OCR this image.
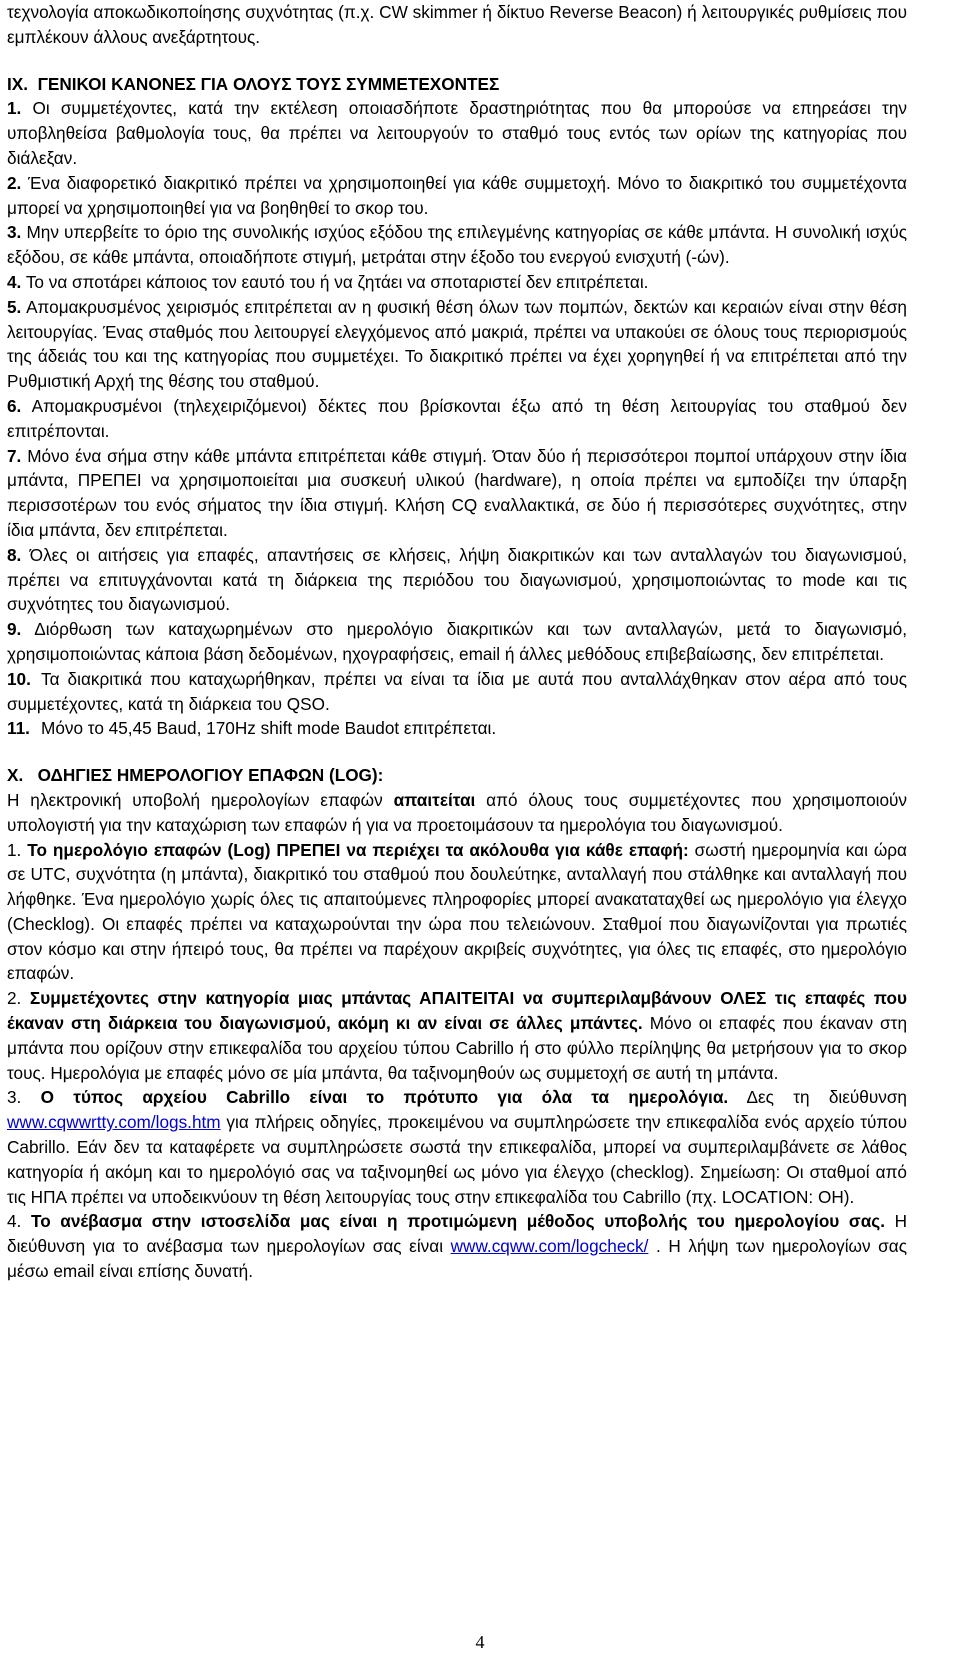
τεχνολογία αποκωδικοποίησης συχνότητας (π.χ. CW skimmer ή δίκτυο Reverse Beacon) ή λειτουργικές ρυθμίσεις που εμπλέκουν άλλους ανεξάρτητους.

IX.  ΓΕΝΙΚΟΙ ΚΑΝΟΝΕΣ ΓΙΑ ΟΛΟΥΣ ΤΟΥΣ ΣΥΜΜΕΤΕΧΟΝΤΕΣ

1. Οι συμμετέχοντες, κατά την εκτέλεση οποιασδήποτε δραστηριότητας που θα μπορούσε να επηρεάσει την υποβληθείσα βαθμολογία τους, θα πρέπει να λειτουργούν το σταθμό τους εντός των ορίων της κατηγορίας που διάλεξαν.

2. Ένα διαφορετικό διακριτικό πρέπει να χρησιμοποιηθεί για κάθε συμμετοχή. Μόνο το διακριτικό του συμμετέχοντα μπορεί να χρησιμοποιηθεί για να βοηθηθεί το σκορ του.

3. Μην υπερβείτε το όριο της συνολικής ισχύος εξόδου της επιλεγμένης κατηγορίας σε κάθε μπάντα. Η συνολική ισχύς εξόδου, σε κάθε μπάντα, οποιαδήποτε στιγμή, μετράται στην έξοδο του ενεργού ενισχυτή (-ών).

4. Το να σποτάρει κάποιος τον εαυτό του ή να ζητάει να σποταριστεί δεν επιτρέπεται.

5. Απομακρυσμένος χειρισμός επιτρέπεται αν η φυσική θέση όλων των πομπών, δεκτών και κεραιών είναι στην θέση λειτουργίας. Ένας σταθμός που λειτουργεί ελεγχόμενος από μακριά, πρέπει να υπακούει σε όλους τους περιορισμούς της άδειάς του και της κατηγορίας που συμμετέχει. Το διακριτικό πρέπει να έχει χορηγηθεί ή να επιτρέπεται από την Ρυθμιστική Αρχή της θέσης του σταθμού.

6. Απομακρυσμένοι (τηλεχειριζόμενοι) δέκτες που βρίσκονται έξω από τη θέση λειτουργίας του σταθμού δεν επιτρέπονται.

7. Μόνο ένα σήμα στην κάθε μπάντα επιτρέπεται κάθε στιγμή. Όταν δύο ή περισσότεροι πομποί υπάρχουν στην ίδια μπάντα, ΠΡΕΠΕΙ να χρησιμοποιείται μια συσκευή υλικού (hardware), η οποία πρέπει να εμποδίζει την ύπαρξη περισσοτέρων του ενός σήματος την ίδια στιγμή. Κλήση CQ εναλλακτικά, σε δύο ή περισσότερες συχνότητες, στην ίδια μπάντα, δεν επιτρέπεται.

8. Όλες οι αιτήσεις για επαφές, απαντήσεις σε κλήσεις, λήψη διακριτικών και των ανταλλαγών του διαγωνισμού, πρέπει να επιτυγχάνονται κατά τη διάρκεια της περιόδου του διαγωνισμού, χρησιμοποιώντας το mode και τις συχνότητες του διαγωνισμού.

9. Διόρθωση των καταχωρημένων στο ημερολόγιο διακριτικών και των ανταλλαγών, μετά το διαγωνισμό, χρησιμοποιώντας κάποια βάση δεδομένων, ηχογραφήσεις, email ή άλλες μεθόδους επιβεβαίωσης, δεν επιτρέπεται.

10. Τα διακριτικά που καταχωρήθηκαν, πρέπει να είναι τα ίδια με αυτά που ανταλλάχθηκαν στον αέρα από τους συμμετέχοντες, κατά τη διάρκεια του QSO.

11. Μόνο το 45,45 Baud, 170Hz shift mode Baudot επιτρέπεται.

X.   ΟΔΗΓΙΕΣ ΗΜΕΡΟΛΟΓΙΟΥ ΕΠΑΦΩΝ (LOG):

Η ηλεκτρονική υποβολή ημερολογίων επαφών απαιτείται από όλους τους συμμετέχοντες που χρησιμοποιούν υπολογιστή για την καταχώριση των επαφών ή για να προετοιμάσουν τα ημερολόγια του διαγωνισμού.

1. Το ημερολόγιο επαφών (Log) ΠΡΕΠΕΙ να περιέχει τα ακόλουθα για κάθε επαφή: σωστή ημερομηνία και ώρα σε UTC, συχνότητα (η μπάντα), διακριτικό του σταθμού που δουλεύτηκε, ανταλλαγή που στάλθηκε και ανταλλαγή που λήφθηκε. Ένα ημερολόγιο χωρίς όλες τις απαιτούμενες πληροφορίες μπορεί ανακαταταχθεί ως ημερολόγιο για έλεγχο (Checklog). Οι επαφές πρέπει να καταχωρούνται την ώρα που τελειώνουν. Σταθμοί που διαγωνίζονται για πρωτιές στον κόσμο και στην ήπειρό τους, θα πρέπει να παρέχουν ακριβείς συχνότητες, για όλες τις επαφές, στο ημερολόγιο επαφών.

2. Συμμετέχοντες στην κατηγορία μιας μπάντας ΑΠΑΙΤΕΙΤΑΙ να συμπεριλαμβάνουν ΟΛΕΣ τις επαφές που έκαναν στη διάρκεια του διαγωνισμού, ακόμη κι αν είναι σε άλλες μπάντες. Μόνο οι επαφές που έκαναν στη μπάντα που ορίζουν στην επικεφαλίδα του αρχείου τύπου Cabrillo ή στο φύλλο περίληψης θα μετρήσουν για το σκορ τους. Ημερολόγια με επαφές μόνο σε μία μπάντα, θα ταξινομηθούν ως συμμετοχή σε αυτή τη μπάντα.

3. Ο τύπος αρχείου Cabrillo είναι το πρότυπο για όλα τα ημερολόγια. Δες τη διεύθυνση www.cqwwrtty.com/logs.htm για πλήρεις οδηγίες, προκειμένου να συμπληρώσετε την επικεφαλίδα ενός αρχείο τύπου Cabrillo. Εάν δεν τα καταφέρετε να συμπληρώσετε σωστά την επικεφαλίδα, μπορεί να συμπεριλαμβάνετε σε λάθος κατηγορία ή ακόμη και το ημερολόγιό σας να ταξινομηθεί ως μόνο για έλεγχο (checklog). Σημείωση: Οι σταθμοί από τις ΗΠΑ πρέπει να υποδεικνύουν τη θέση λειτουργίας τους στην επικεφαλίδα του Cabrillo (πχ. LOCATION: OH).

4. Το ανέβασμα στην ιστοσελίδα μας είναι η προτιμώμενη μέθοδος υποβολής του ημερολογίου σας. Η διεύθυνση για το ανέβασμα των ημερολογίων σας είναι www.cqww.com/logcheck/ . Η λήψη των ημερολογίων σας μέσω email είναι επίσης δυνατή.

4
